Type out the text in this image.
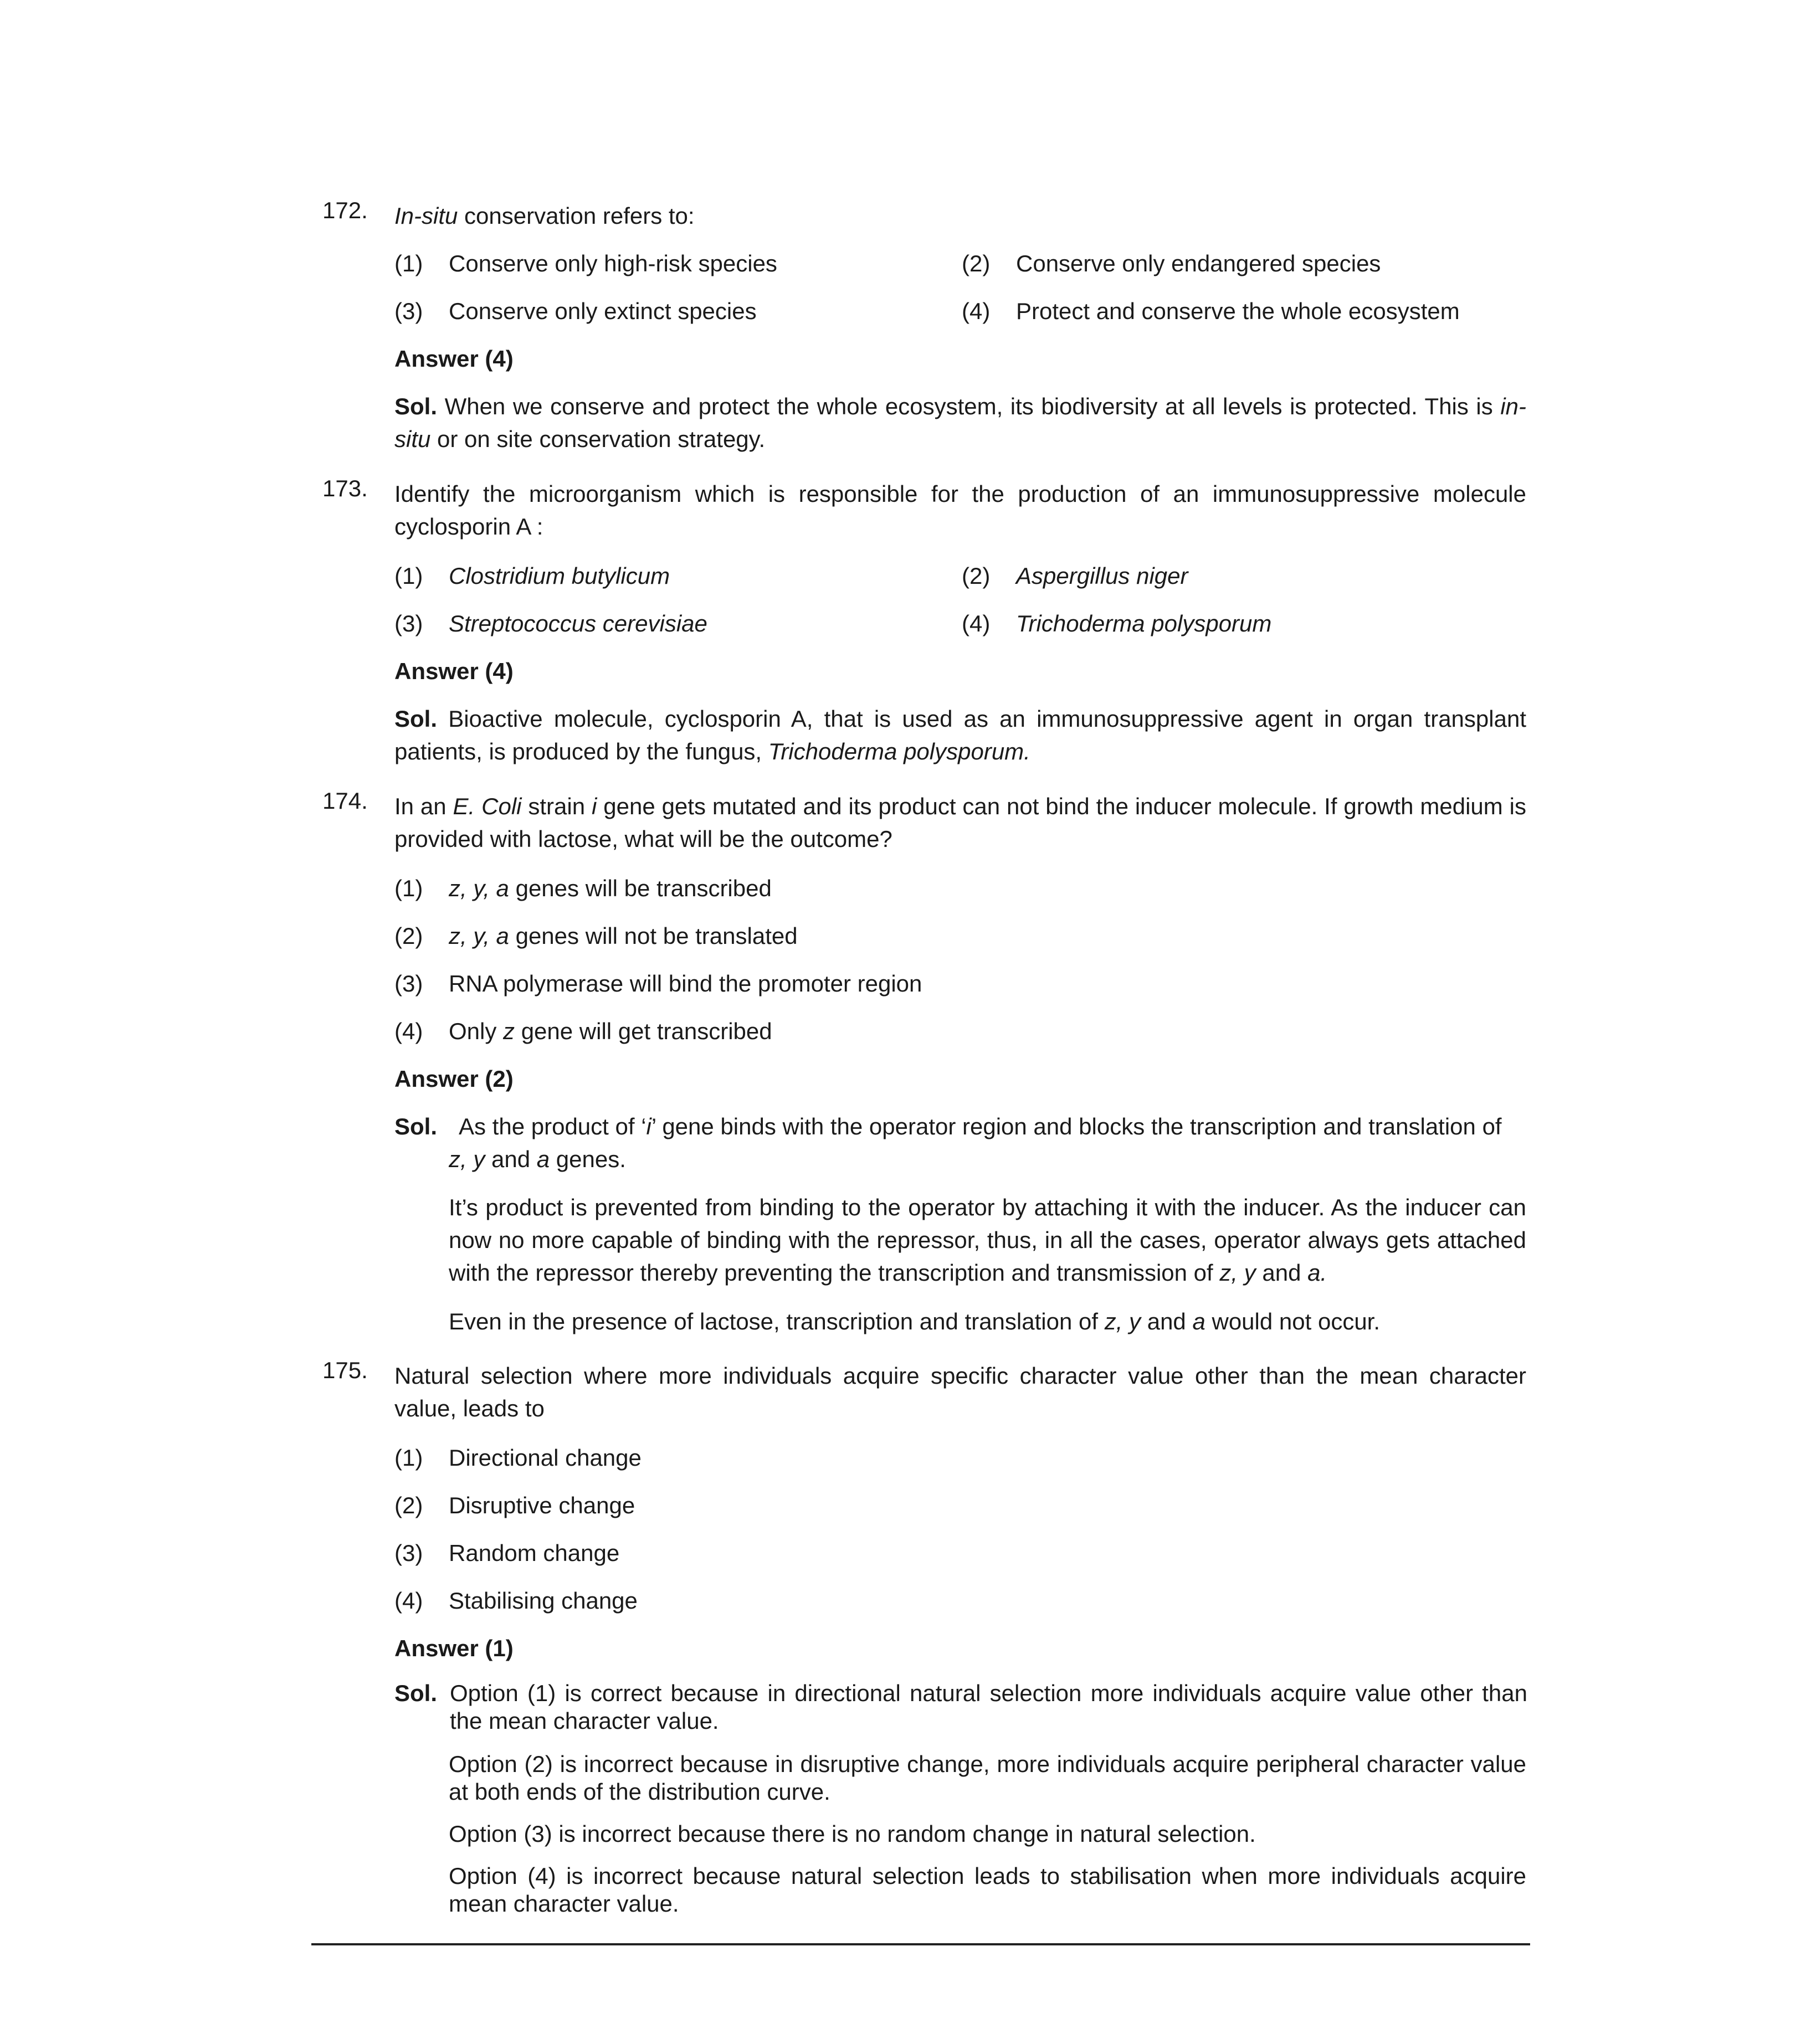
172. In-situ conservation refers to:
(1) Conserve only high-risk species	(2) Conserve only endangered species
(3) Conserve only extinct species	(4) Protect and conserve the whole ecosystem
Answer (4)
Sol. When we conserve and protect the whole ecosystem, its biodiversity at all levels is protected. This is in-situ or on site conservation strategy.
173. Identify the microorganism which is responsible for the production of an immunosuppressive molecule cyclosporin A :
(1) Clostridium butylicum	(2) Aspergillus niger
(3) Streptococcus cerevisiae	(4) Trichoderma polysporum
Answer (4)
Sol. Bioactive molecule, cyclosporin A, that is used as an immunosuppressive agent in organ transplant patients, is produced by the fungus, Trichoderma polysporum.
174. In an E. Coli strain i gene gets mutated and its product can not bind the inducer molecule. If growth medium is provided with lactose, what will be the outcome?
(1) z, y, a genes will be transcribed
(2) z, y, a genes will not be translated
(3) RNA polymerase will bind the promoter region
(4) Only z gene will get transcribed
Answer (2)
Sol. As the product of ‘i’ gene binds with the operator region and blocks the transcription and translation of
z, y and a genes.
It’s product is prevented from binding to the operator by attaching it with the inducer. As the inducer can now no more capable of binding with the repressor, thus, in all the cases, operator always gets attached with the repressor thereby preventing the transcription and transmission of z, y and a.
Even in the presence of lactose, transcription and translation of z, y and a would not occur.
175. Natural selection where more individuals acquire specific character value other than the mean character value, leads to
(1) Directional change
(2) Disruptive change
(3) Random change
(4) Stabilising change
Answer (1)
Sol. Option (1) is correct because in directional natural selection more individuals acquire value other than the mean character value.
Option (2) is incorrect because in disruptive change, more individuals acquire peripheral character value at both ends of the distribution curve.
Option (3) is incorrect because there is no random change in natural selection.
Option (4) is incorrect because natural selection leads to stabilisation when more individuals acquire mean character value.
